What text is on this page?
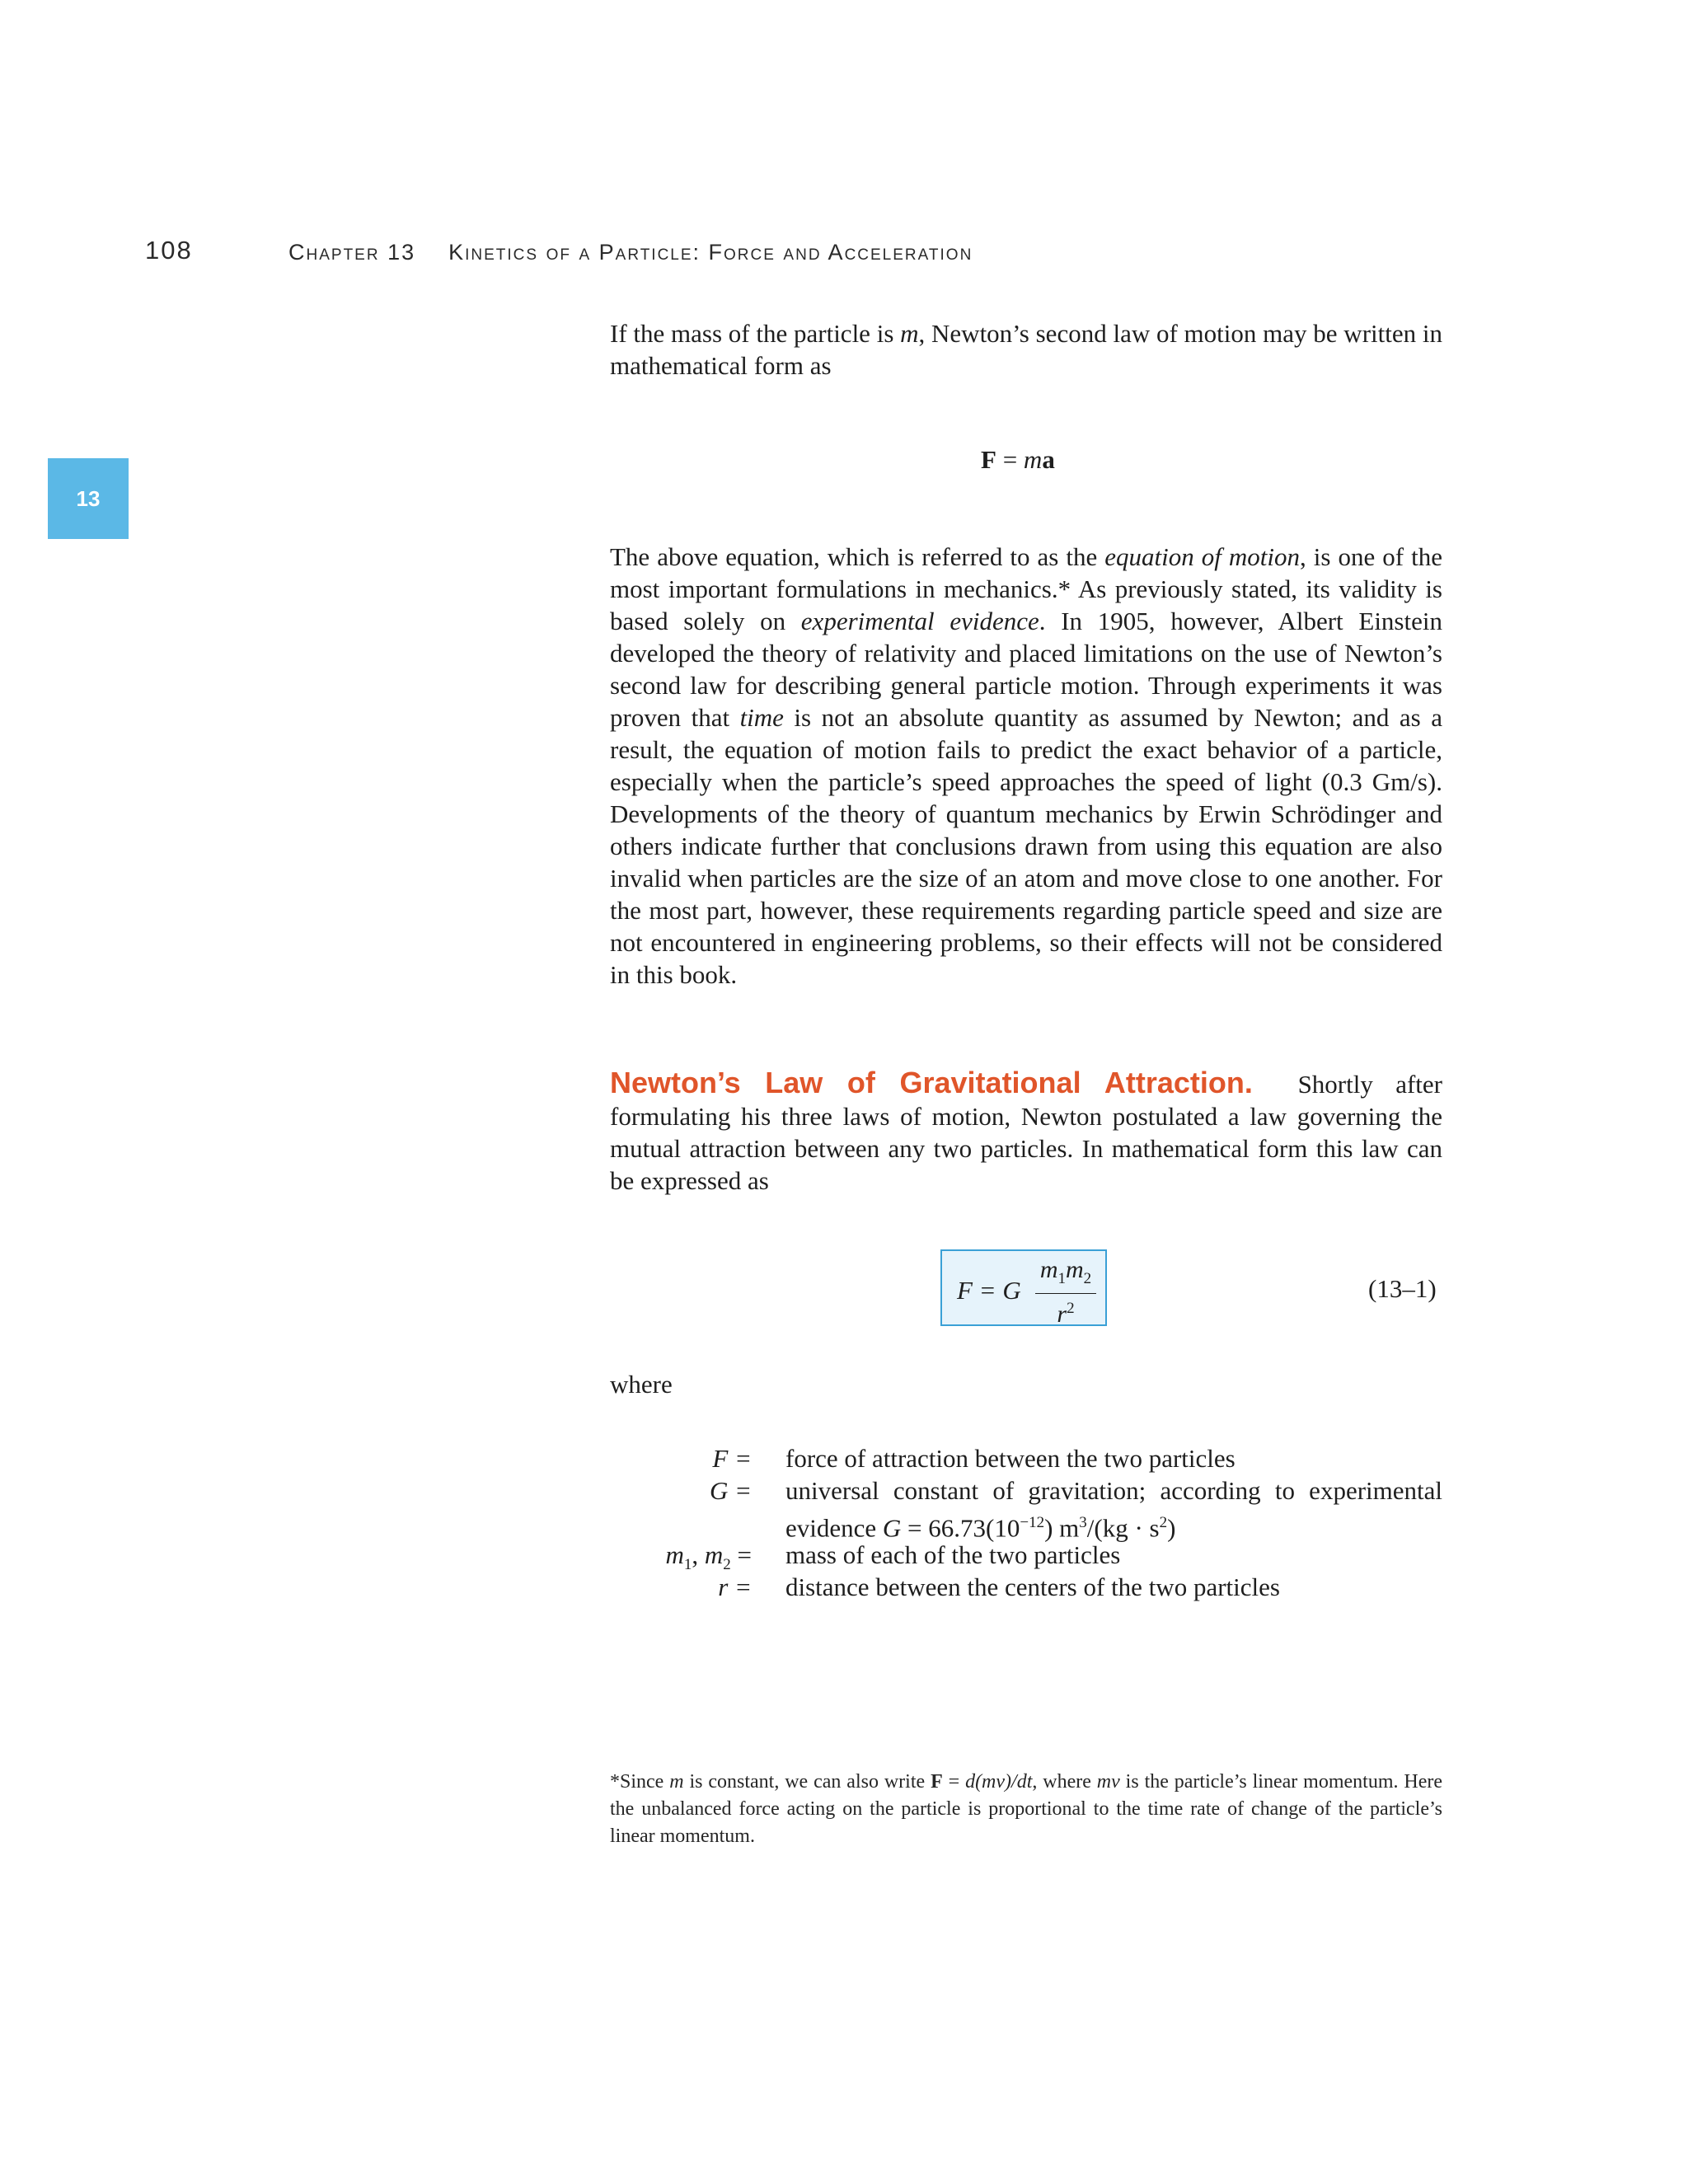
108	Chapter 13 Kinetics of a Particle: Force and Acceleration
13
If the mass of the particle is m, Newton’s second law of motion may be written in mathematical form as
F = ma
The above equation, which is referred to as the equation of motion, is one of the most important formulations in mechanics.* As previously stated, its validity is based solely on experimental evidence. In 1905, however, Albert Einstein developed the theory of relativity and placed limitations on the use of Newton’s second law for describing general particle motion. Through experiments it was proven that time is not an absolute quantity as assumed by Newton; and as a result, the equation of motion fails to predict the exact behavior of a particle, especially when the particle’s speed approaches the speed of light (0.3 Gm/s). Developments of the theory of quantum mechanics by Erwin Schrödinger and others indicate further that conclusions drawn from using this equation are also invalid when particles are the size of an atom and move close to one another. For the most part, however, these requirements regarding particle speed and size are not encountered in engineering problems, so their effects will not be considered in this book.
Newton’s Law of Gravitational Attraction. Shortly after formulating his three laws of motion, Newton postulated a law governing the mutual attraction between any two particles. In mathematical form this law can be expressed as
F = G $\frac{m_1m_2}{r^2}$	(13–1)
where
F = force of attraction between the two particles
G = universal constant of gravitation; according to experimental evidence $G = 66.73(10^{-12}) m^3/(kg \cdot s^2)$
$m_1$, $m_2$ = mass of each of the two particles
r = distance between the centers of the two particles
*Since m is constant, we can also write F = d(mv)/dt, where mv is the particle’s linear momentum. Here the unbalanced force acting on the particle is proportional to the time rate of change of the particle’s linear momentum.
